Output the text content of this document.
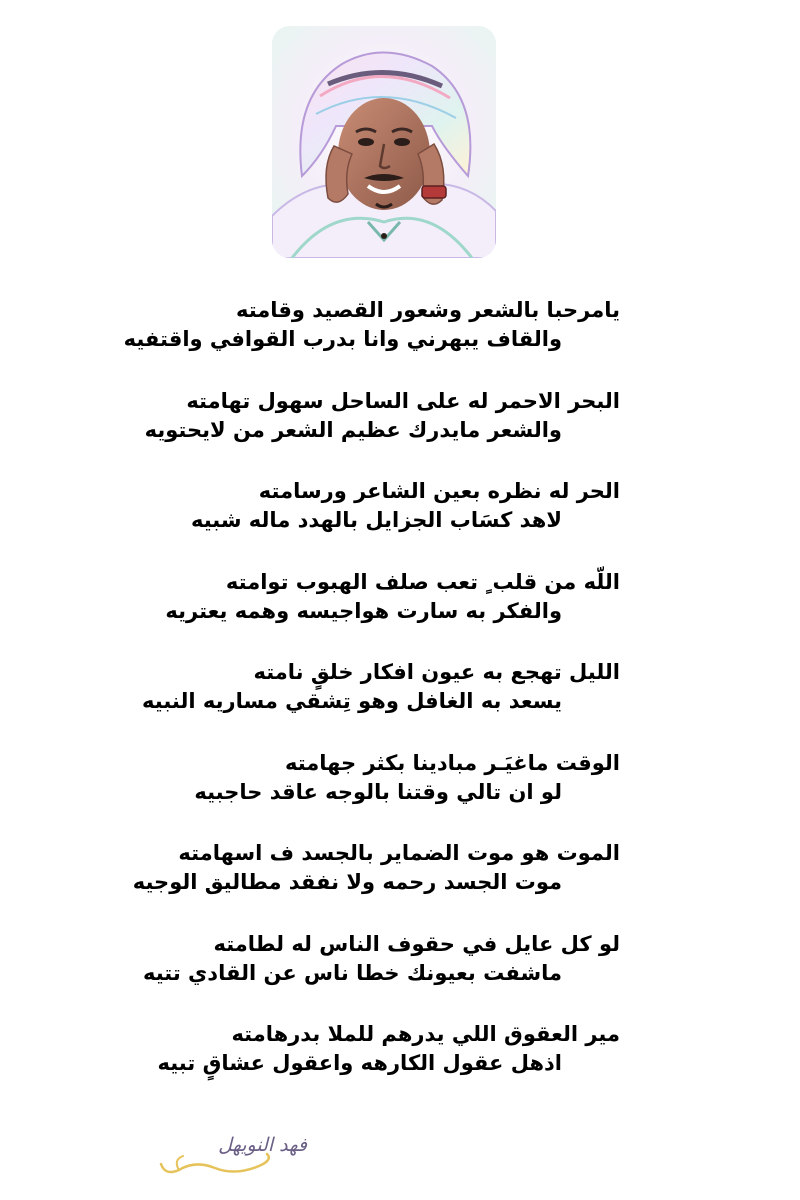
يامرحبا بالشعر وشعور القصيد وقامته
والقاف يبهرني وانا بدرب القوافي واقتفيه
البحر الاحمر له على الساحل سهول تهامته
والشعر مايدرك عظيم الشعر من لايحتويه
الحر له نظره بعين الشاعر ورسامته
لاهد كسَاب الجزايل بالهدد ماله شبيه
اللّه من قلب ٍ تعب صلف الهبوب توامته
والفكر به سارت هواجيسه وهمه يعتريه
الليل تهجع به عيون افكار خلقٍ نامته
يسعد به الغافل وهو تِشقي مساريه النبيه
الوقت ماغيَـر مبادينا بكثر جهامته
لو ان تالي وقتنا بالوجه عاقد حاجبيه
الموت هو موت الضماير بالجسد ف اسهامته
موت الجسد رحمه ولا نفقد مطاليق الوجيه
لو كل عايل في حقوف الناس له لطامته
ماشفت بعيونك خطا ناس عن القادي تتيه
مير العقوق اللي يدرهم للملا بدرهامته
اذهل عقول الكارهه واعقول عشاقٍ تبيه
فهد النويهل
